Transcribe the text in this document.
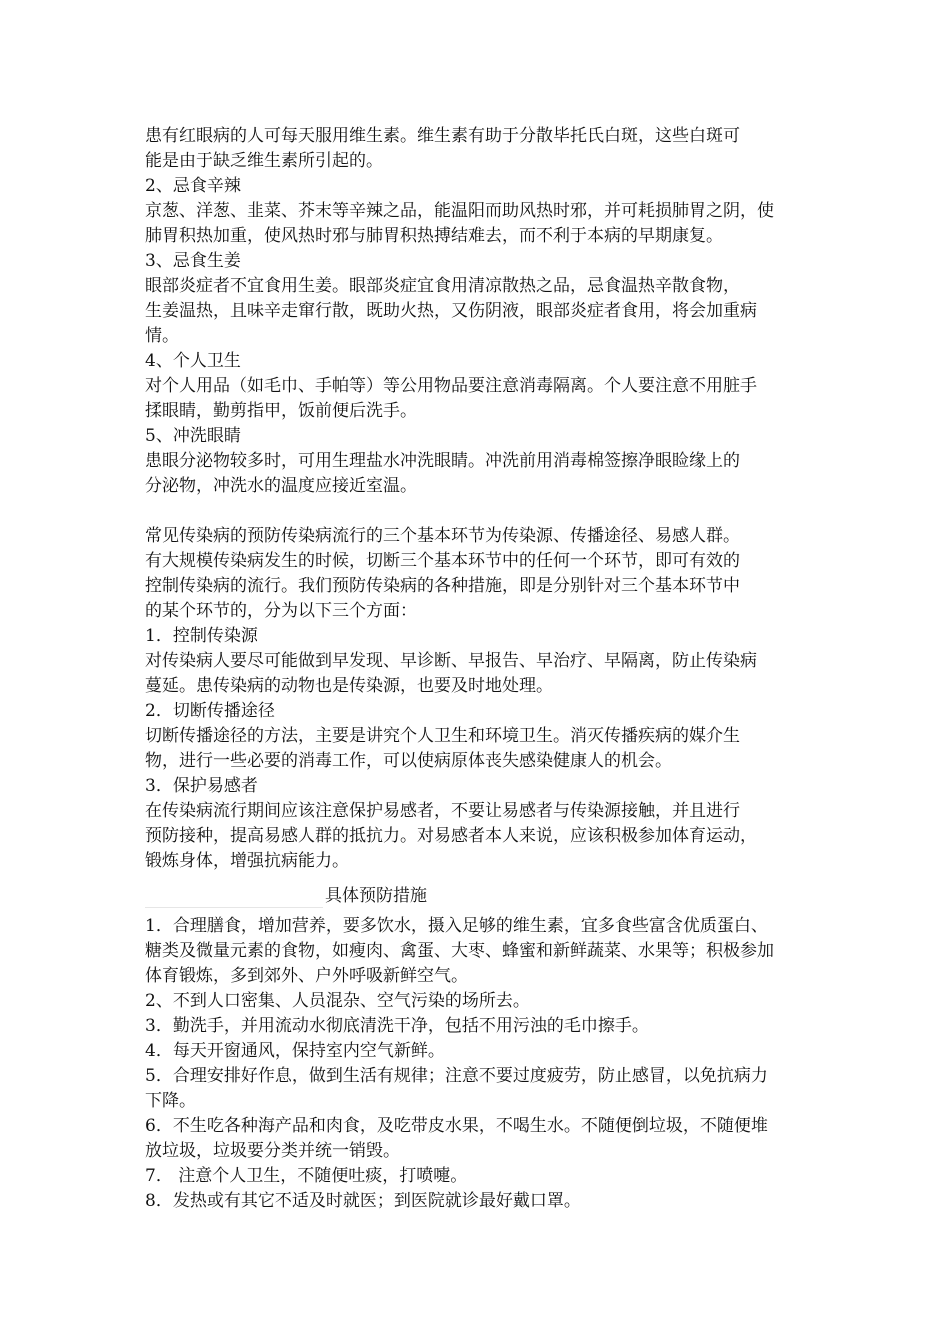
患有红眼病的人可每天服用维生素。维生素有助于分散毕托氏白斑，这些白斑可
能是由于缺乏维生素所引起的。
2、忌食辛辣
京葱、洋葱、韭菜、芥末等辛辣之品，能温阳而助风热时邪，并可耗损肺胃之阴，使
肺胃积热加重，使风热时邪与肺胃积热搏结难去，而不利于本病的早期康复。
3、忌食生姜
眼部炎症者不宜食用生姜。眼部炎症宜食用清凉散热之品，忌食温热辛散食物，
生姜温热，且味辛走窜行散，既助火热，又伤阴液，眼部炎症者食用，将会加重病
情。
4、个人卫生
对个人用品（如毛巾、手帕等）等公用物品要注意消毒隔离。个人要注意不用脏手
揉眼睛，勤剪指甲，饭前便后洗手。
5、冲洗眼睛
患眼分泌物较多时，可用生理盐水冲洗眼睛。冲洗前用消毒棉签擦净眼睑缘上的
分泌物，冲洗水的温度应接近室温。
常见传染病的预防传染病流行的三个基本环节为传染源、传播途径、易感人群。
有大规模传染病发生的时候，切断三个基本环节中的任何一个环节，即可有效的
控制传染病的流行。我们预防传染病的各种措施，即是分别针对三个基本环节中
的某个环节的，分为以下三个方面：
1．控制传染源
对传染病人要尽可能做到早发现、早诊断、早报告、早治疗、早隔离，防止传染病
蔓延。患传染病的动物也是传染源，也要及时地处理。
2．切断传播途径
切断传播途径的方法，主要是讲究个人卫生和环境卫生。消灭传播疾病的媒介生
物，进行一些必要的消毒工作，可以使病原体丧失感染健康人的机会。
3．保护易感者
在传染病流行期间应该注意保护易感者，不要让易感者与传染源接触，并且进行
预防接种，提高易感人群的抵抗力。对易感者本人来说，应该积极参加体育运动，
锻炼身体，增强抗病能力。
具体预防措施
1．合理膳食，增加营养，要多饮水，摄入足够的维生素，宜多食些富含优质蛋白、
糖类及微量元素的食物，如瘦肉、禽蛋、大枣、蜂蜜和新鲜蔬菜、水果等；积极参加
体育锻炼，多到郊外、户外呼吸新鲜空气。
2、不到人口密集、人员混杂、空气污染的场所去。
3．勤洗手，并用流动水彻底清洗干净，包括不用污浊的毛巾擦手。
4．每天开窗通风，保持室内空气新鲜。
5．合理安排好作息，做到生活有规律；注意不要过度疲劳，防止感冒，以免抗病力
下降。
6．不生吃各种海产品和肉食，及吃带皮水果，不喝生水。不随便倒垃圾，不随便堆
放垃圾，垃圾要分类并统一销毁。
7． 注意个人卫生，不随便吐痰，打喷嚏。
8．发热或有其它不适及时就医；到医院就诊最好戴口罩。
